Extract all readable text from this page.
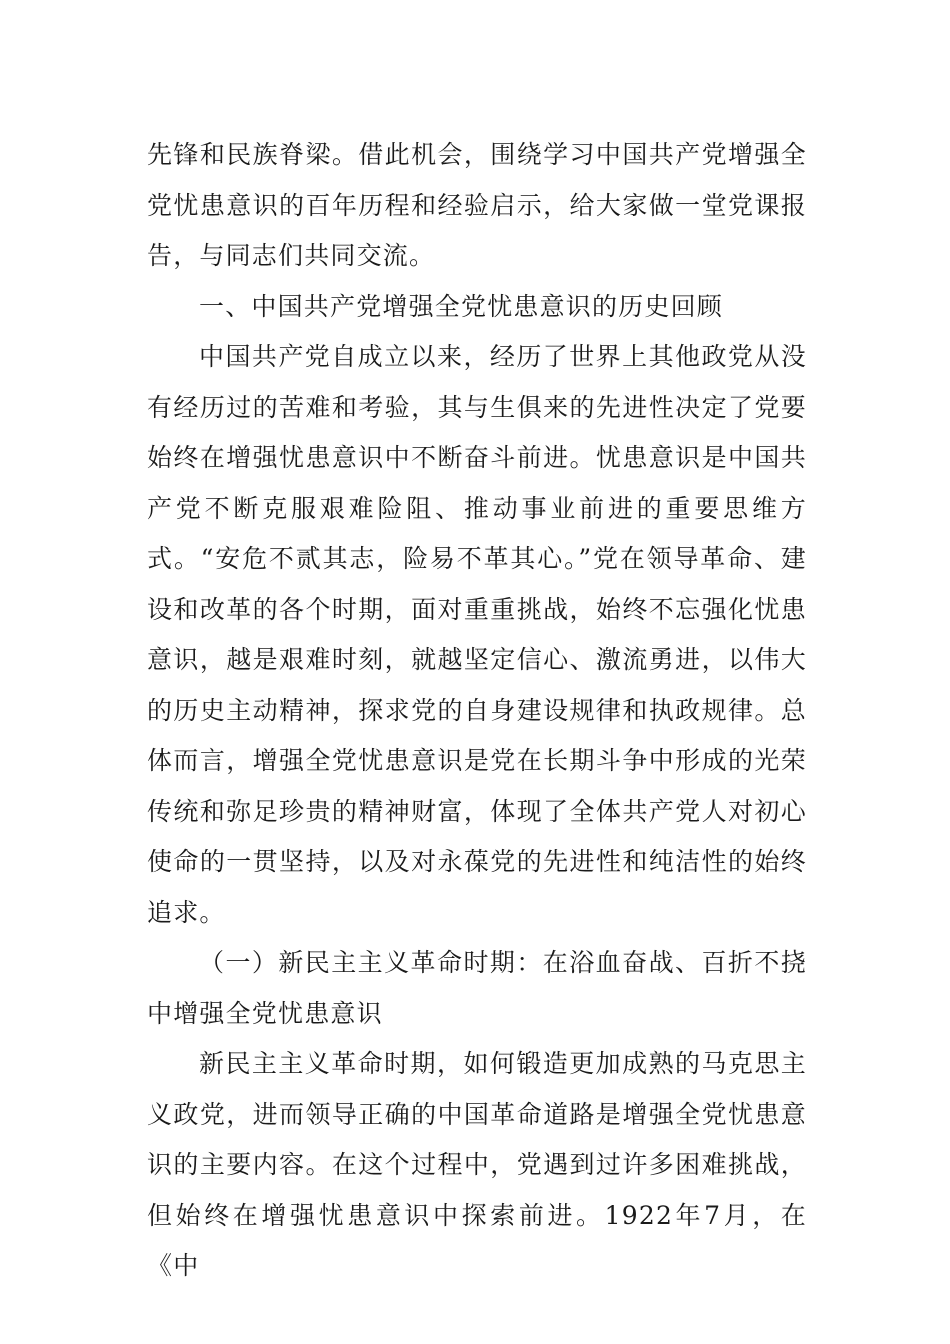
先锋和民族脊梁。借此机会，围绕学习中国共产党增强全党忧患意识的百年历程和经验启示，给大家做一堂党课报告，与同志们共同交流。

一、中国共产党增强全党忧患意识的历史回顾

中国共产党自成立以来，经历了世界上其他政党从没有经历过的苦难和考验，其与生俱来的先进性决定了党要始终在增强忧患意识中不断奋斗前进。忧患意识是中国共产党不断克服艰难险阻、推动事业前进的重要思维方式。“安危不贰其志，险易不革其心。”党在领导革命、建设和改革的各个时期，面对重重挑战，始终不忘强化忧患意识，越是艰难时刻，就越坚定信心、激流勇进，以伟大的历史主动精神，探求党的自身建设规律和执政规律。总体而言，增强全党忧患意识是党在长期斗争中形成的光荣传统和弥足珍贵的精神财富，体现了全体共产党人对初心使命的一贯坚持，以及对永葆党的先进性和纯洁性的始终追求。

（一）新民主主义革命时期：在浴血奋战、百折不挠中增强全党忧患意识

新民主主义革命时期，如何锻造更加成熟的马克思主义政党，进而领导正确的中国革命道路是增强全党忧患意识的主要内容。在这个过程中，党遇到过许多困难挑战，但始终在增强忧患意识中探索前进。1922年7月，在《中
